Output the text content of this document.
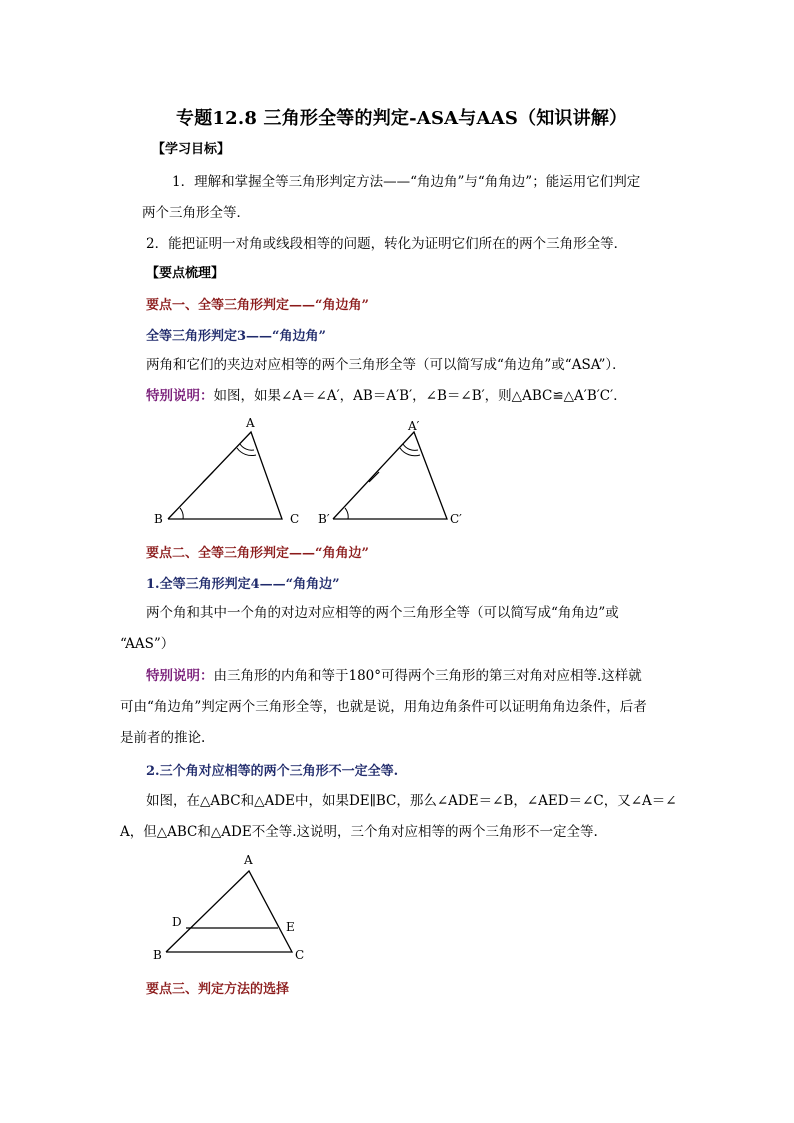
专题12.8 三角形全等的判定-ASA与AAS（知识讲解）
【学习目标】
1．理解和掌握全等三角形判定方法——“角边角”与“角角边”；能运用它们判定
两个三角形全等．
2．能把证明一对角或线段相等的问题，转化为证明它们所在的两个三角形全等．
【要点梳理】
要点一、全等三角形判定——“角边角”
全等三角形判定3——“角边角”
两角和它们的夹边对应相等的两个三角形全等（可以简写成“角边角”或“ASA”）．
特别说明：如图，如果∠A＝∠A′，AB＝A′B′，∠B＝∠B′，则△ABC≌△A′B′C′．
A
B	C
A′
B′	C′
A
D	E
B	C
要点二、全等三角形判定——“角角边”
1.全等三角形判定4——“角角边”
两个角和其中一个角的对边对应相等的两个三角形全等（可以简写成“角角边”或
“AAS”）
特别说明：由三角形的内角和等于180°可得两个三角形的第三对角对应相等.这样就
可由“角边角”判定两个三角形全等，也就是说，用角边角条件可以证明角角边条件，后者
是前者的推论.
2.三个角对应相等的两个三角形不一定全等.
如图，在△ABC和△ADE中，如果DE∥BC，那么∠ADE＝∠B，∠AED＝∠C，又∠A＝∠
A，但△ABC和△ADE不全等.这说明，三个角对应相等的两个三角形不一定全等.
要点三、判定方法的选择
